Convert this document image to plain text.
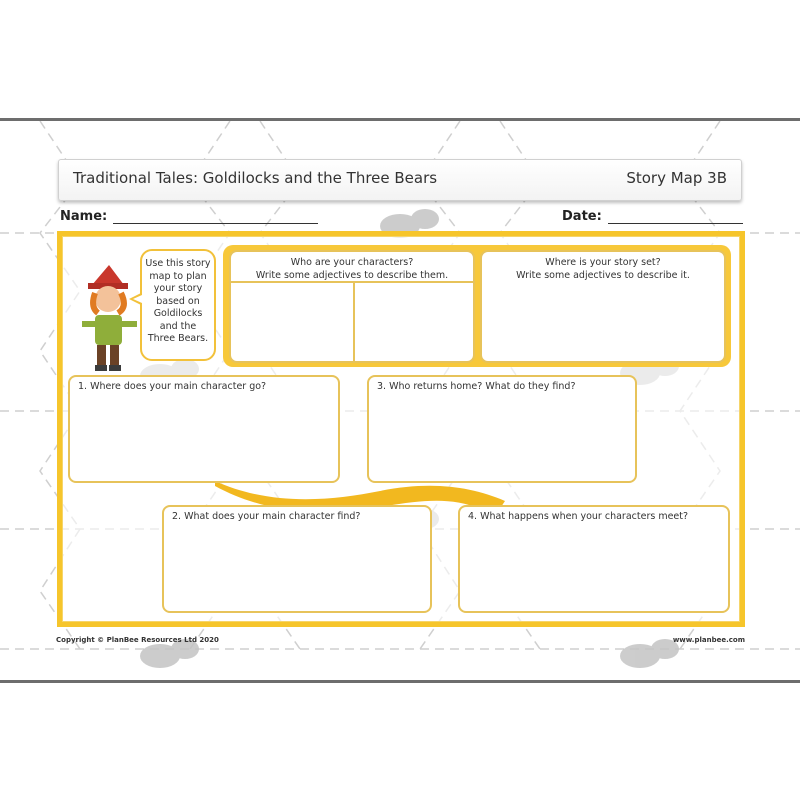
Traditional Tales: Goldilocks and the Three Bears	Story Map 3B
Name:	Date:
Use this story map to plan your story based on Goldilocks and the Three Bears.
Who are your characters?
Write some adjectives to describe them.
Where is your story set?
Write some adjectives to describe it.
1. Where does your main character go?	3. Who returns home? What do they find?
2. What does your main character find?	4. What happens when your characters meet?
Copyright © PlanBee Resources Ltd 2020	www.planbee.com
